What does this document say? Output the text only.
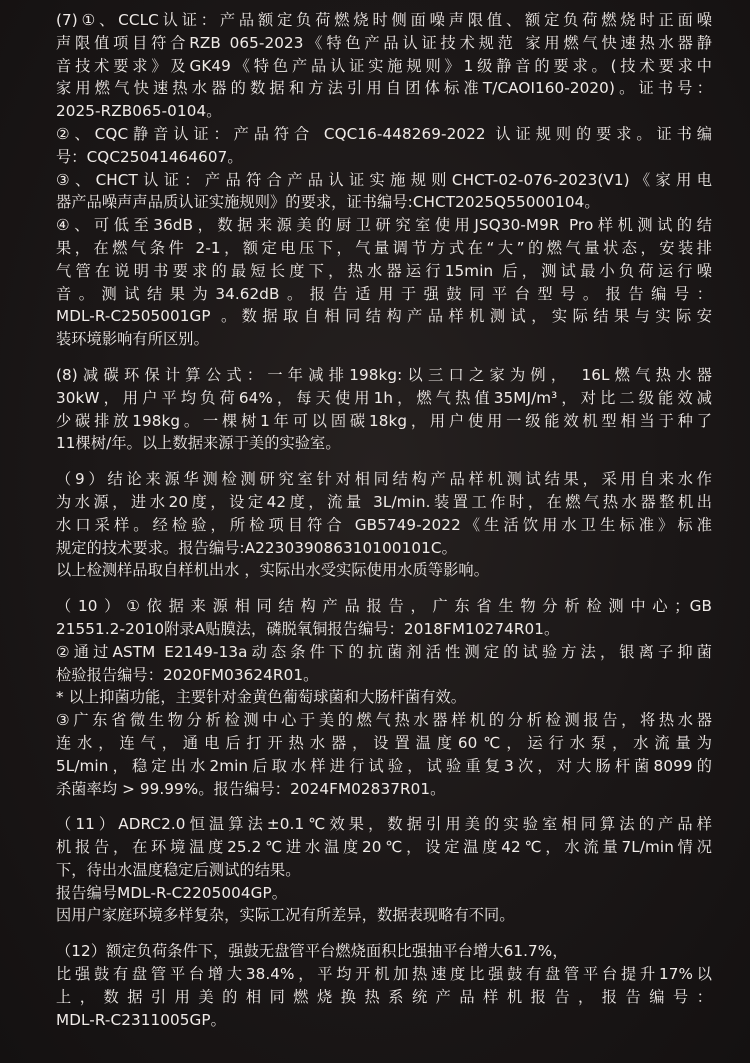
(7)①、CCLC认证：产品额定负荷燃烧时侧面噪声限值、额定负荷燃烧时正面噪
声限值项目符合RZB 065-2023《特色产品认证技术规范 家用燃气快速热水器静
音技术要求》及GK49《特色产品认证实施规则》1级静音的要求。(技术要求中
家用燃气快速热水器的数据和方法引用自团体标准T/CAOI160-2020)。证书号：
2025-RZB065-0104。
②、CQC静音认证：产品符合 CQC16-448269-2022 认证规则的要求。证书编
号：CQC25041464607。
③、CHCT认证：产品符合产品认证实施规则CHCT-02-076-2023(V1)《家用电
器产品噪声声品质认证实施规则》的要求，证书编号:CHCT2025Q55000104。
④、可低至36dB，数据来源美的厨卫研究室使用JSQ30-M9R Pro样机测试的结
果，在燃气条件 2-1，额定电压下，气量调节方式在“大”的燃气量状态，安装排
气管在说明书要求的最短长度下，热水器运行15min 后，测试最小负荷运行噪
音。测试结果为34.62dB。报告适用于强鼓同平台型号。报告编号：
MDL-R-C2505001GP 。数据取自相同结构产品样机测试，实际结果与实际安
装环境影响有所区别。
(8)减碳环保计算公式：一年减排198kg:以三口之家为例， 16L燃气热水器
30kW，用户平均负荷64%，每天使用1h，燃气热值35MJ/m³，对比二级能效减
少碳排放198kg。一棵树1年可以固碳18kg，用户使用一级能效机型相当于种了
11棵树/年。以上数据来源于美的实验室。
（9）结论来源华测检测研究室针对相同结构产品样机测试结果，采用自来水作
为水源，进水20度，设定42度，流量 3L/min.装置工作时，在燃气热水器整机出
水口采样。经检验，所检项目符合 GB5749-2022《生活饮用水卫生标准》标准
规定的技术要求。报告编号:A2230390863101001​01C。
以上检测样品取自样机出水 ，实际出水受实际使用水质等影响。
（10）①依据来源相同结构产品报告，广东省生物分析检测中心；GB
21551.2-2010附录A贴膜法，磷脱氧铜报告编号：2018FM10274R01。
②通过ASTM E2149-13a动态条件下的抗菌剂活性测定的试验方法，银离子抑菌
检验报告编号：2020FM03624R01。
* 以上抑菌功能，主要针对金黄色葡萄球菌和大肠杆菌有效。
③广东省微生物分析检测中心于美的燃气热水器样机的分析检测报告，将热水器
连水，连气，通电后打开热水器，设置温度60℃，运行水泵，水流量为
5L/min，稳定出水2min后取水样进行试验，试验重复3次，对大肠杆菌8099的
杀菌率均 > 99.99%。报告编号：2024FM02837R01。
（11）ADRC2.0恒温算法±0.1℃效果，数据引用美的实验室相同算法的产品样
机报告，在环境温度25.2℃进水温度20℃，设定温度42℃，水流量7L/min情况
下，待出水温度稳定后测试的结果。
报告编号MDL-R-C2205004GP。
因用户家庭环境多样复杂，实际工况有所差异，数据表现略有不同。
（12）额定负荷条件下，强鼓无盘管平台燃烧面积比强抽平台增大61.7%，
比强鼓有盘管平台增大38.4%，平均开机加热速度比强鼓有盘管平台提升17%以
上，数据引用美的相同燃烧换热系统产品样机报告，报告编号：
MDL-R-C2311005GP。
